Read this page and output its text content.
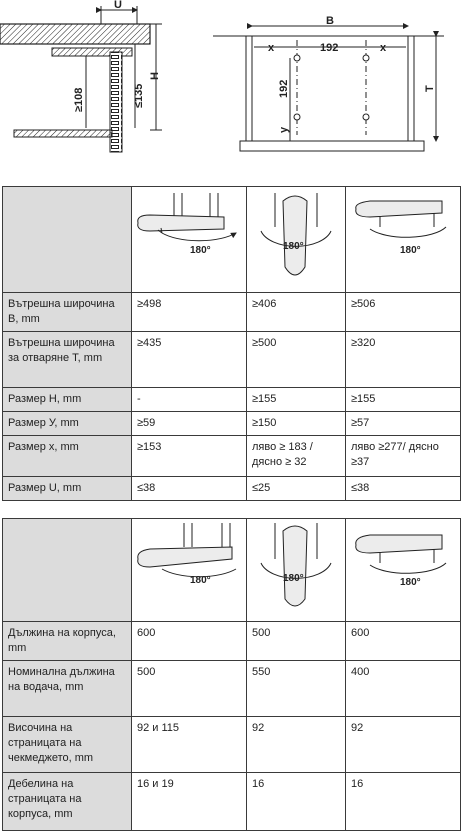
U
H
≥108	≤135
B
x	192	x
192
y
T

180°	180°	180°

Вътрешна широчина B, mm	≥498	≥406	≥506
Вътрешна широчина за отваряне T, mm	≥435	≥500	≥320
Размер H, mm	-	≥155	≥155
Размер У, mm	≥59	≥150	≥57
Размер x, mm	≥153	ляво ≥ 183 /дясно ≥ 32	ляво ≥277/ дясно ≥37
Размер U, mm	≤38	≤25	≤38

180°	180°	180°

Дължина на корпуса, mm	600	500	600
Номинална дължина на водача, mm	500	550	400
Височина на страницата на чекмеджето, mm	92 и 115	92	92
Дебелина на страницата на корпуса, mm	16 и 19	16	16
